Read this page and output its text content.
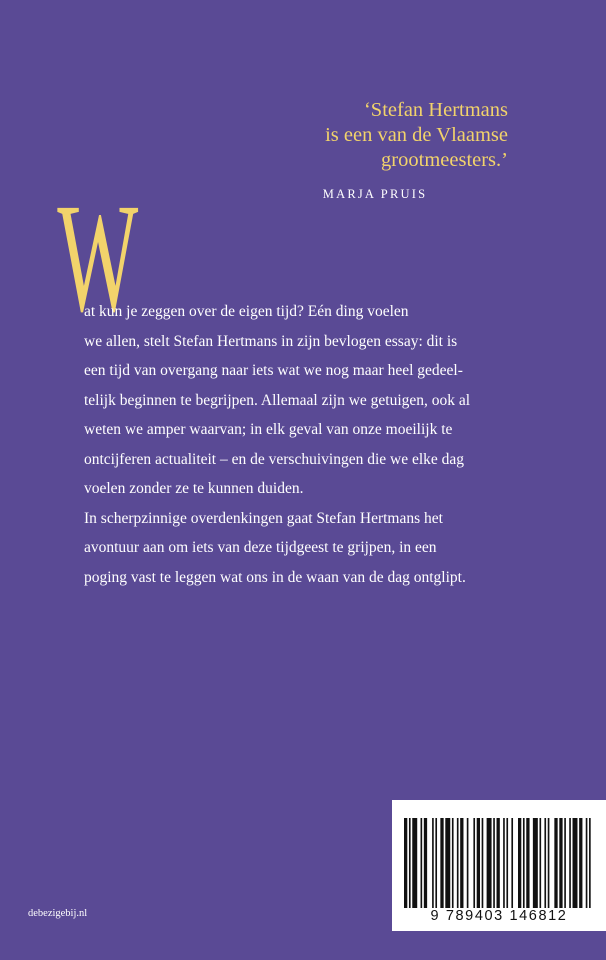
‘Stefan Hertmans
is een van de Vlaamse
grootmeesters.’
MARJA PRUIS
W
at kun je zeggen over de eigen tijd? Eén ding voelen
we allen, stelt Stefan Hertmans in zijn bevlogen essay: dit is
een tijd van overgang naar iets wat we nog maar heel gedeel-
telijk beginnen te begrijpen. Allemaal zijn we getuigen, ook al
weten we amper waarvan; in elk geval van onze moeilijk te
ontcijferen actualiteit – en de verschuivingen die we elke dag
voelen zonder ze te kunnen duiden.
In scherpzinnige overdenkingen gaat Stefan Hertmans het
avontuur aan om iets van deze tijdgeest te grijpen, in een
poging vast te leggen wat ons in de waan van de dag ontglipt.
9 789403 146812
debezigebij.nl
